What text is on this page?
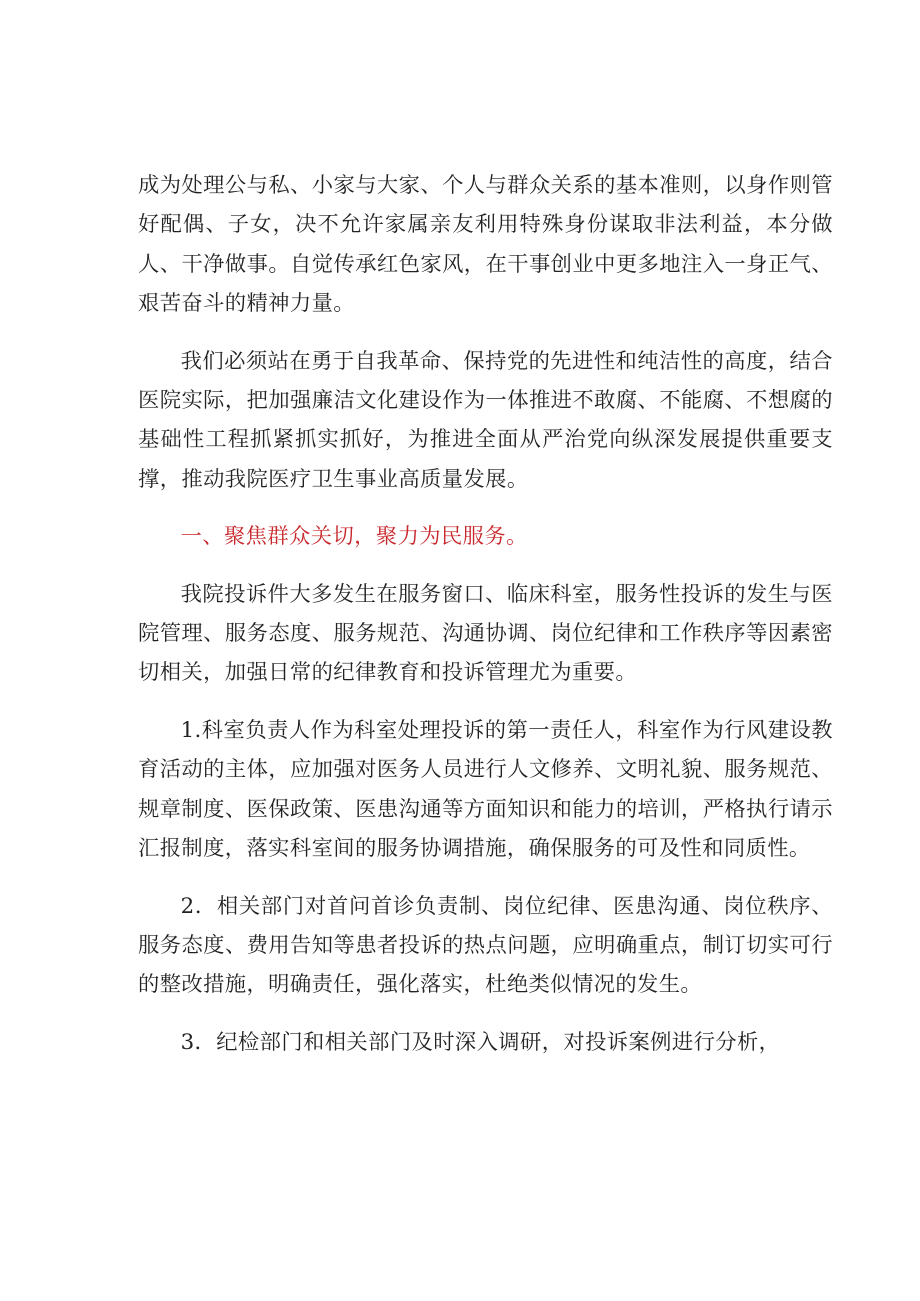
成为处理公与私、小家与大家、个人与群众关系的基本准则，以身作则管好配偶、子女，决不允许家属亲友利用特殊身份谋取非法利益，本分做人、干净做事。自觉传承红色家风，在干事创业中更多地注入一身正气、艰苦奋斗的精神力量。

我们必须站在勇于自我革命、保持党的先进性和纯洁性的高度，结合医院实际，把加强廉洁文化建设作为一体推进不敢腐、不能腐、不想腐的基础性工程抓紧抓实抓好，为推进全面从严治党向纵深发展提供重要支撑，推动我院医疗卫生事业高质量发展。

一、聚焦群众关切，聚力为民服务。

我院投诉件大多发生在服务窗口、临床科室，服务性投诉的发生与医院管理、服务态度、服务规范、沟通协调、岗位纪律和工作秩序等因素密切相关，加强日常的纪律教育和投诉管理尤为重要。

1.科室负责人作为科室处理投诉的第一责任人，科室作为行风建设教育活动的主体，应加强对医务人员进行人文修养、文明礼貌、服务规范、规章制度、医保政策、医患沟通等方面知识和能力的培训，严格执行请示汇报制度，落实科室间的服务协调措施，确保服务的可及性和同质性。

2．相关部门对首问首诊负责制、岗位纪律、医患沟通、岗位秩序、服务态度、费用告知等患者投诉的热点问题，应明确重点，制订切实可行的整改措施，明确责任，强化落实，杜绝类似情况的发生。

3．纪检部门和相关部门及时深入调研，对投诉案例进行分析，
